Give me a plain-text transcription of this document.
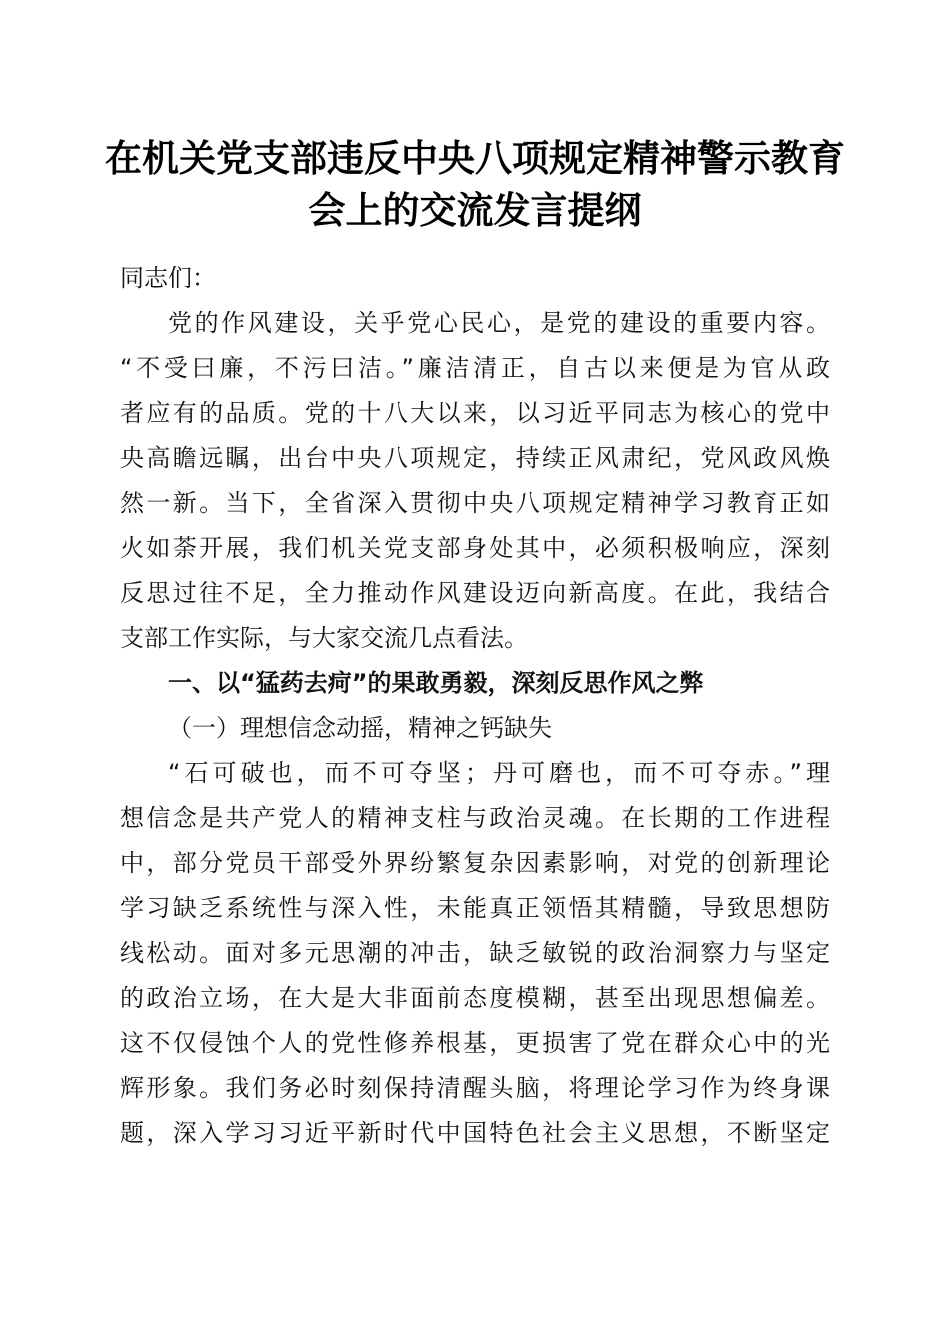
在机关党支部违反中央八项规定精神警示教育
会上的交流发言提纲
同志们：
党的作风建设，关乎党心民心，是党的建设的重要内容。
“不受曰廉，不污曰洁。”廉洁清正，自古以来便是为官从政
者应有的品质。党的十八大以来，以习近平同志为核心的党中
央高瞻远瞩，出台中央八项规定，持续正风肃纪，党风政风焕
然一新。当下，全省深入贯彻中央八项规定精神学习教育正如
火如荼开展，我们机关党支部身处其中，必须积极响应，深刻
反思过往不足，全力推动作风建设迈向新高度。在此，我结合
支部工作实际，与大家交流几点看法。
一、以“猛药去疴”的果敢勇毅，深刻反思作风之弊
（一）理想信念动摇，精神之钙缺失
“石可破也，而不可夺坚；丹可磨也，而不可夺赤。”理
想信念是共产党人的精神支柱与政治灵魂。在长期的工作进程
中，部分党员干部受外界纷繁复杂因素影响，对党的创新理论
学习缺乏系统性与深入性，未能真正领悟其精髓，导致思想防
线松动。面对多元思潮的冲击，缺乏敏锐的政治洞察力与坚定
的政治立场，在大是大非面前态度模糊，甚至出现思想偏差。
这不仅侵蚀个人的党性修养根基，更损害了党在群众心中的光
辉形象。我们务必时刻保持清醒头脑，将理论学习作为终身课
题，深入学习习近平新时代中国特色社会主义思想，不断坚定
